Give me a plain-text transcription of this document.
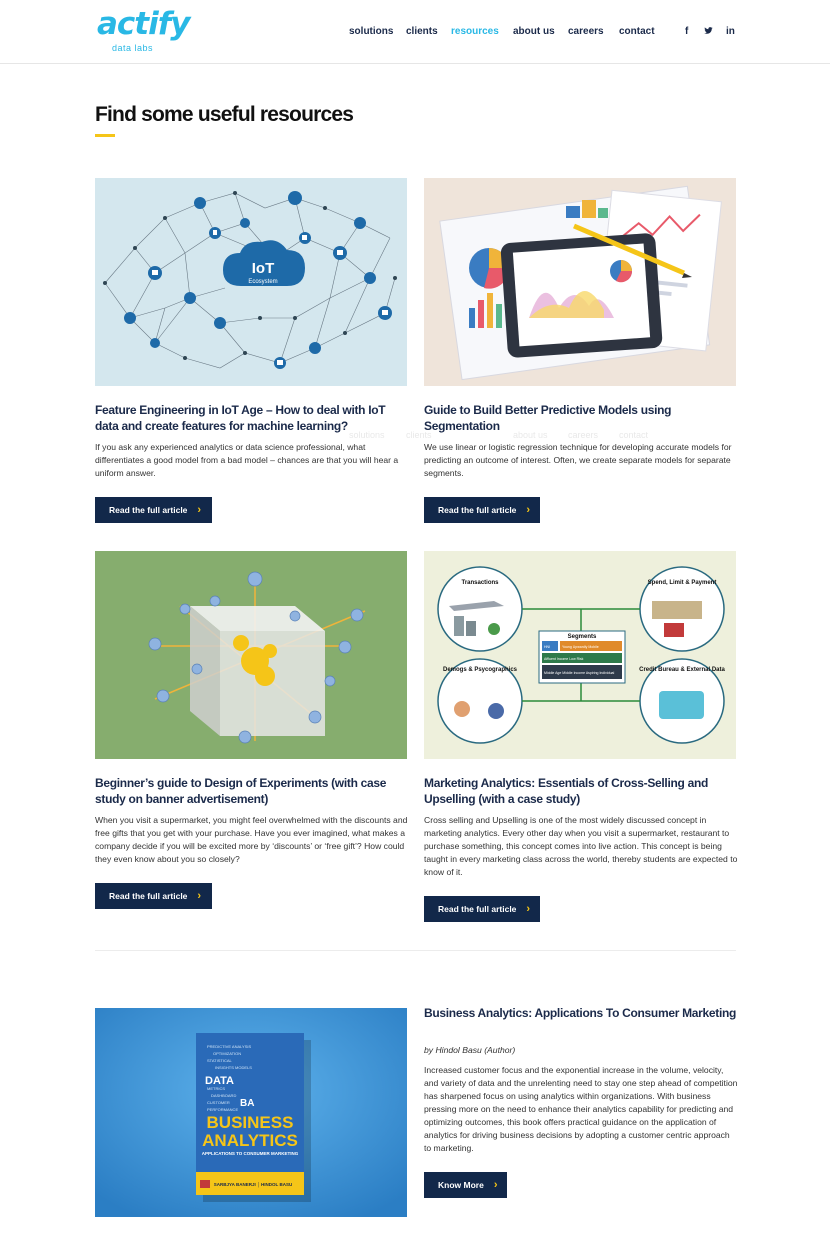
actify
data labs
solutions clients resources about us careers contact	f	in
Find some useful resources
IoT
Ecosystem
Feature Engineering in IoT Age – How to deal with IoT data and create features for machine learning?
If you ask any experienced analytics or data science professional, what differentiates a good model from a bad model – chances are that you will hear a uniform answer.
Read the full article ›
Guide to Build Better Predictive Models using Segmentation
We use linear or logistic regression technique for developing accurate models for predicting an outcome of interest. Often, we create separate models for separate segments.
Read the full article ›
solutions clients	about us careers contact
Transactions	Spend, Limit & Payment
Demogs & Psycographics	Credit Bureau & External Data
Segments
HNI	Young Upwardly Mobile
Affluent Income Low Risk
Middle Age Middle Income Aspiring Individual
Beginner’s guide to Design of Experiments (with case study on banner advertisement)
When you visit a supermarket, you might feel overwhelmed with the discounts and free gifts that you get with your purchase. Have you ever imagined, what makes a company decide if you will be excited more by ‘discounts’ or ‘free gift’? How could they even know about you so closely?
Read the full article ›
Marketing Analytics: Essentials of Cross-Selling and Upselling (with a case study)
Cross selling and Upselling is one of the most widely discussed concept in marketing analytics. Every other day when you visit a supermarket, restaurant to purchase something, this concept comes into live action. This concept is being taught in every marketing class across the world, thereby students are expected to know of it.
Read the full article ›
PREDICTIVE ANALYSIS
OPTIMIZATION
STATISTICAL
INSIGHTS MODELS
METRICS
DASHBOARD
CUSTOMER
PERFORMANCE
DATA
BA
BUSINESS
ANALYTICS
APPLICATIONS TO CONSUMER MARKETING
SARBJYA BANERJI │ HINDOL BASU
Business Analytics: Applications To Consumer Marketing
by Hindol Basu (Author)
Increased customer focus and the exponential increase in the volume, velocity, and variety of data and the unrelenting need to stay one step ahead of competition has sharpened focus on using analytics within organizations. With business pressing more on the need to enhance their analytics capability for predicting and optimizing outcomes, this book offers practical guidance on the application of analytics for driving business decisions by adopting a customer centric approach to marketing.
Know More ›
